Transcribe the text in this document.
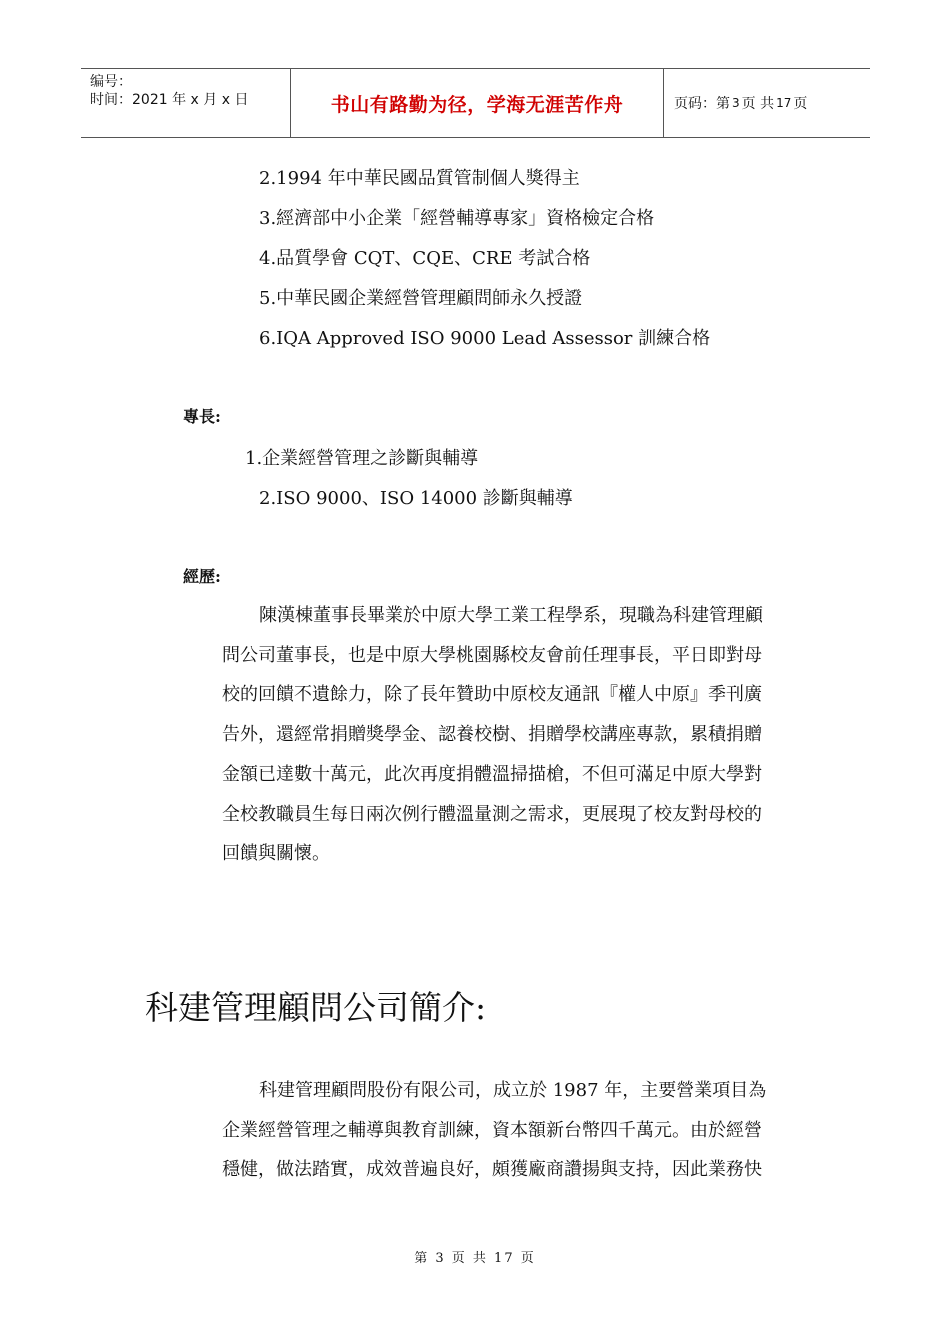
编号：
时间：2021 年 x 月 x 日	书山有路勤为径，学海无涯苦作舟	页码：第 3 页 共 17 页
2.1994 年中華民國品質管制個人獎得主
3.經濟部中小企業「經營輔導專家」資格檢定合格
4.品質學會 CQT、CQE、CRE 考試合格
5.中華民國企業經營管理顧問師永久授證
6.IQA Approved ISO 9000 Lead Assessor 訓練合格
專長:
1.企業經營管理之診斷與輔導
2.ISO 9000、ISO 14000 診斷與輔導
經歷:
陳漢棟董事長畢業於中原大學工業工程學系，現職為科建管理顧
問公司董事長，也是中原大學桃園縣校友會前任理事長，平日即對母
校的回饋不遺餘力，除了長年贊助中原校友通訊『權人中原』季刊廣
告外，還經常捐贈獎學金、認養校樹、捐贈學校講座專款，累積捐贈
金額已達數十萬元，此次再度捐體溫掃描槍，不但可滿足中原大學對
全校教職員生每日兩次例行體溫量測之需求，更展現了校友對母校的
回饋與關懷。
科建管理顧問公司簡介:
科建管理顧問股份有限公司，成立於 1987 年，主要營業項目為
企業經營管理之輔導與教育訓練，資本額新台幣四千萬元。由於經營
穩健，做法踏實，成效普遍良好，頗獲廠商讚揚與支持，因此業務快
第 3 页 共 17 页
